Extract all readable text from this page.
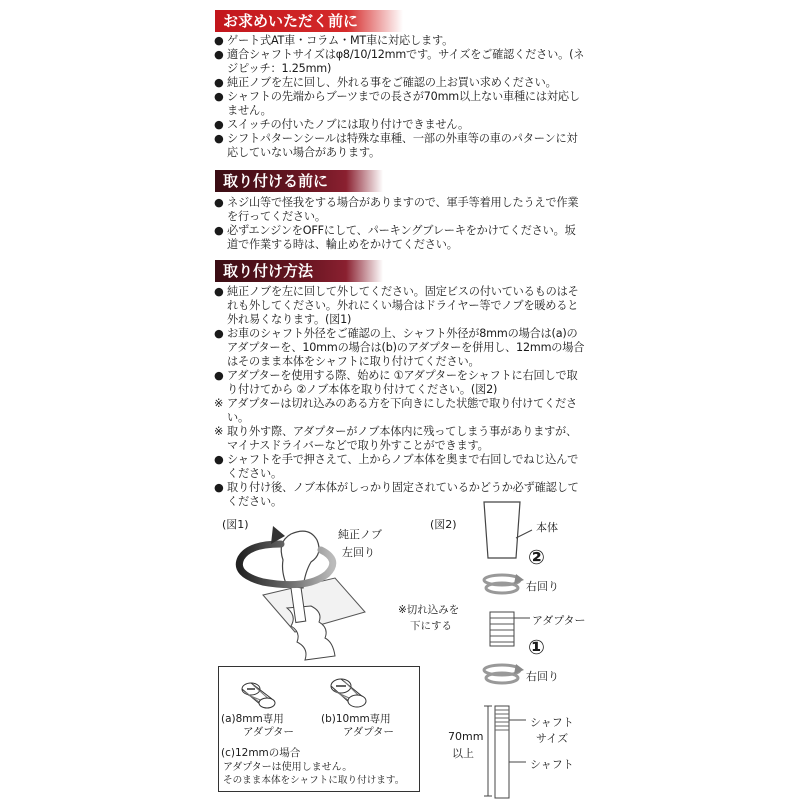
お求めいただく前に
● ゲート式AT車・コラム・MT車に対応します。
● 適合シャフトサイズはφ8/10/12mmです。サイズをご確認ください。(ネジピッチ：1.25mm)
● 純正ノブを左に回し、外れる事をご確認の上お買い求めください。
● シャフトの先端からブーツまでの長さが70mm以上ない車種には対応しません。
● スイッチの付いたノブには取り付けできません。
● シフトパターンシールは特殊な車種、一部の外車等の車のパターンに対応していない場合があります。
取り付ける前に
● ネジ山等で怪我をする場合がありますので、軍手等着用したうえで作業を行ってください。
● 必ずエンジンをOFFにして、パーキングブレーキをかけてください。坂道で作業する時は、輪止めをかけてください。
取り付け方法
● 純正ノブを左に回して外してください。固定ビスの付いているものはそれも外してください。外れにくい場合はドライヤー等でノブを暖めると外れ易くなります。(図1)
● お車のシャフト外径をご確認の上、シャフト外径が8mmの場合は(a)のアダプターを、10mmの場合は(b)のアダプターを併用し、12mmの場合はそのまま本体をシャフトに取り付けてください。
● アダプターを使用する際、始めに ①アダプターをシャフトに右回しで取り付けてから ②ノブ本体を取り付けてください。(図2)
※ アダプターは切れ込みのある方を下向きにした状態で取り付けてください。
※ 取り外す際、アダプターがノブ本体内に残ってしまう事がありますが、マイナスドライバーなどで取り外すことができます。
● シャフトを手で押さえて、上からノブ本体を奥まで右回しでねじ込んでください。
● 取り付け後、ノブ本体がしっかり固定されているかどうか必ず確認してください。
(図1)
純正ノブ
左回り
(a)8mm専用
アダプター
(b)10mm専用
アダプター
(c)12mmの場合
アダプターは使用しません。
そのまま本体をシャフトに取り付けます。
(図2)	本体
②
右回り
※切れ込みを
下にする	アダプター
①
右回り
70mm
以上
シャフト
サイズ
シャフト
